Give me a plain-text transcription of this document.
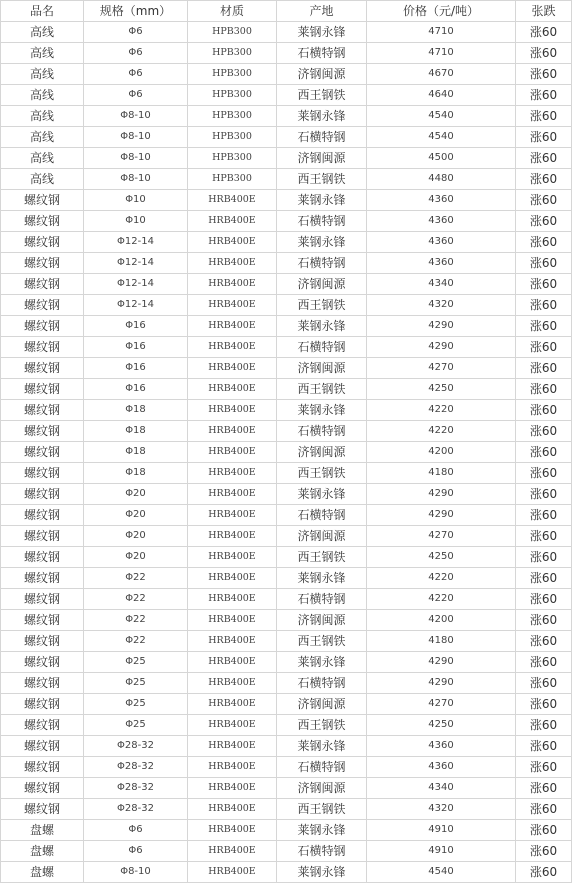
品名	规格（mm）	材质	产地	价格（元/吨）	张跌
高线	Φ6	HPB300	莱钢永锋	4710	涨60
高线	Φ6	HPB300	石横特钢	4710	涨60
高线	Φ6	HPB300	济钢闽源	4670	涨60
高线	Φ6	HPB300	西王钢铁	4640	涨60
高线	Φ8-10	HPB300	莱钢永锋	4540	涨60
高线	Φ8-10	HPB300	石横特钢	4540	涨60
高线	Φ8-10	HPB300	济钢闽源	4500	涨60
高线	Φ8-10	HPB300	西王钢铁	4480	涨60
螺纹钢	Φ10	HRB400E	莱钢永锋	4360	涨60
螺纹钢	Φ10	HRB400E	石横特钢	4360	涨60
螺纹钢	Φ12-14	HRB400E	莱钢永锋	4360	涨60
螺纹钢	Φ12-14	HRB400E	石横特钢	4360	涨60
螺纹钢	Φ12-14	HRB400E	济钢闽源	4340	涨60
螺纹钢	Φ12-14	HRB400E	西王钢铁	4320	涨60
螺纹钢	Φ16	HRB400E	莱钢永锋	4290	涨60
螺纹钢	Φ16	HRB400E	石横特钢	4290	涨60
螺纹钢	Φ16	HRB400E	济钢闽源	4270	涨60
螺纹钢	Φ16	HRB400E	西王钢铁	4250	涨60
螺纹钢	Φ18	HRB400E	莱钢永锋	4220	涨60
螺纹钢	Φ18	HRB400E	石横特钢	4220	涨60
螺纹钢	Φ18	HRB400E	济钢闽源	4200	涨60
螺纹钢	Φ18	HRB400E	西王钢铁	4180	涨60
螺纹钢	Φ20	HRB400E	莱钢永锋	4290	涨60
螺纹钢	Φ20	HRB400E	石横特钢	4290	涨60
螺纹钢	Φ20	HRB400E	济钢闽源	4270	涨60
螺纹钢	Φ20	HRB400E	西王钢铁	4250	涨60
螺纹钢	Φ22	HRB400E	莱钢永锋	4220	涨60
螺纹钢	Φ22	HRB400E	石横特钢	4220	涨60
螺纹钢	Φ22	HRB400E	济钢闽源	4200	涨60
螺纹钢	Φ22	HRB400E	西王钢铁	4180	涨60
螺纹钢	Φ25	HRB400E	莱钢永锋	4290	涨60
螺纹钢	Φ25	HRB400E	石横特钢	4290	涨60
螺纹钢	Φ25	HRB400E	济钢闽源	4270	涨60
螺纹钢	Φ25	HRB400E	西王钢铁	4250	涨60
螺纹钢	Φ28-32	HRB400E	莱钢永锋	4360	涨60
螺纹钢	Φ28-32	HRB400E	石横特钢	4360	涨60
螺纹钢	Φ28-32	HRB400E	济钢闽源	4340	涨60
螺纹钢	Φ28-32	HRB400E	西王钢铁	4320	涨60
盘螺	Φ6	HRB400E	莱钢永锋	4910	涨60
盘螺	Φ6	HRB400E	石横特钢	4910	涨60
盘螺	Φ8-10	HRB400E	莱钢永锋	4540	涨60
